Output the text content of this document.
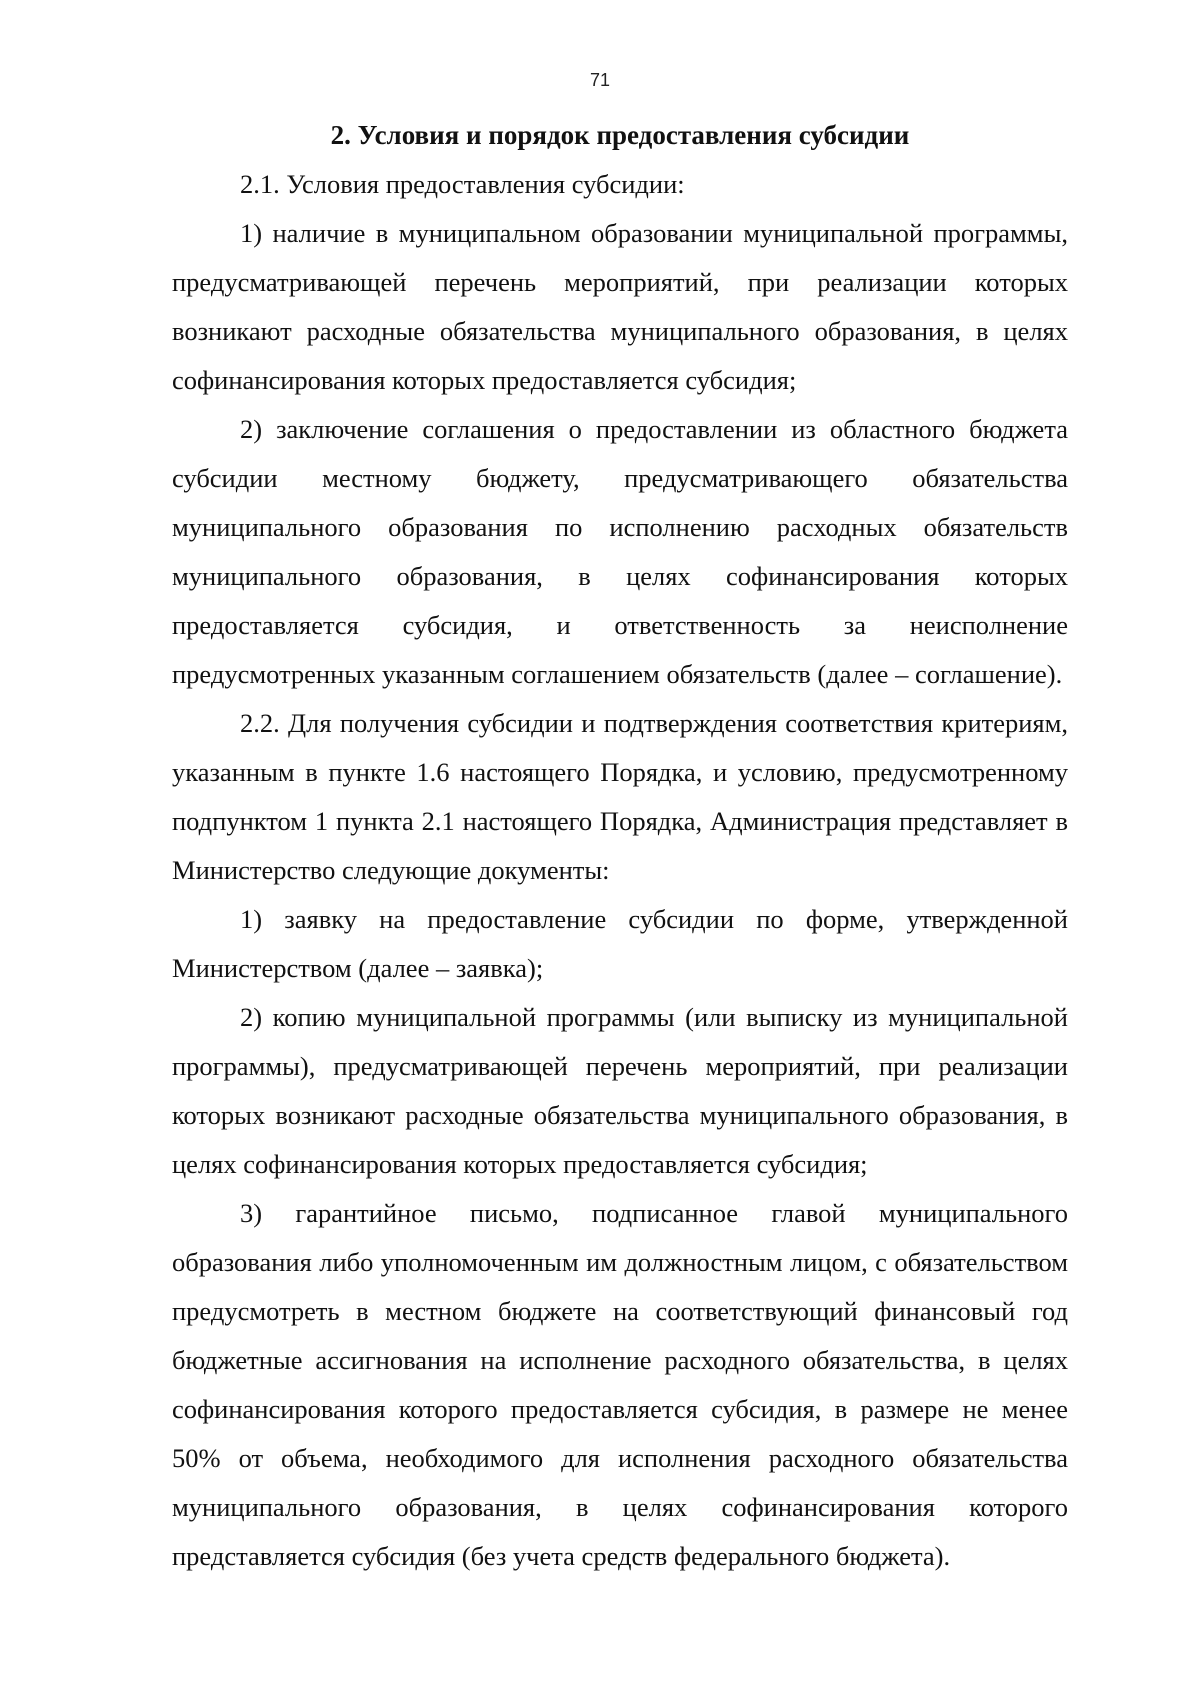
71
2. Условия и порядок предоставления субсидии

2.1. Условия предоставления субсидии:

1) наличие в муниципальном образовании муниципальной программы, предусматривающей перечень мероприятий, при реализации которых возникают расходные обязательства муниципального образования, в целях софинансирования которых предоставляется субсидия;

2) заключение соглашения о предоставлении из областного бюджета субсидии местному бюджету, предусматривающего обязательства муниципального образования по исполнению расходных обязательств муниципального образования, в целях софинансирования которых предоставляется субсидия, и ответственность за неисполнение предусмотренных указанным соглашением обязательств (далее – соглашение).

2.2. Для получения субсидии и подтверждения соответствия критериям, указанным в пункте 1.6 настоящего Порядка, и условию, предусмотренному подпунктом 1 пункта 2.1 настоящего Порядка, Администрация представляет в Министерство следующие документы:

1) заявку на предоставление субсидии по форме, утвержденной Министерством (далее – заявка);

2) копию муниципальной программы (или выписку из муниципальной программы), предусматривающей перечень мероприятий, при реализации которых возникают расходные обязательства муниципального образования, в целях софинансирования которых предоставляется субсидия;

3) гарантийное письмо, подписанное главой муниципального образования либо уполномоченным им должностным лицом, с обязательством предусмотреть в местном бюджете на соответствующий финансовый год бюджетные ассигнования на исполнение расходного обязательства, в целях софинансирования которого предоставляется субсидия, в размере не менее 50% от объема, необходимого для исполнения расходного обязательства муниципального образования, в целях софинансирования которого представляется субсидия (без учета средств федерального бюджета).
